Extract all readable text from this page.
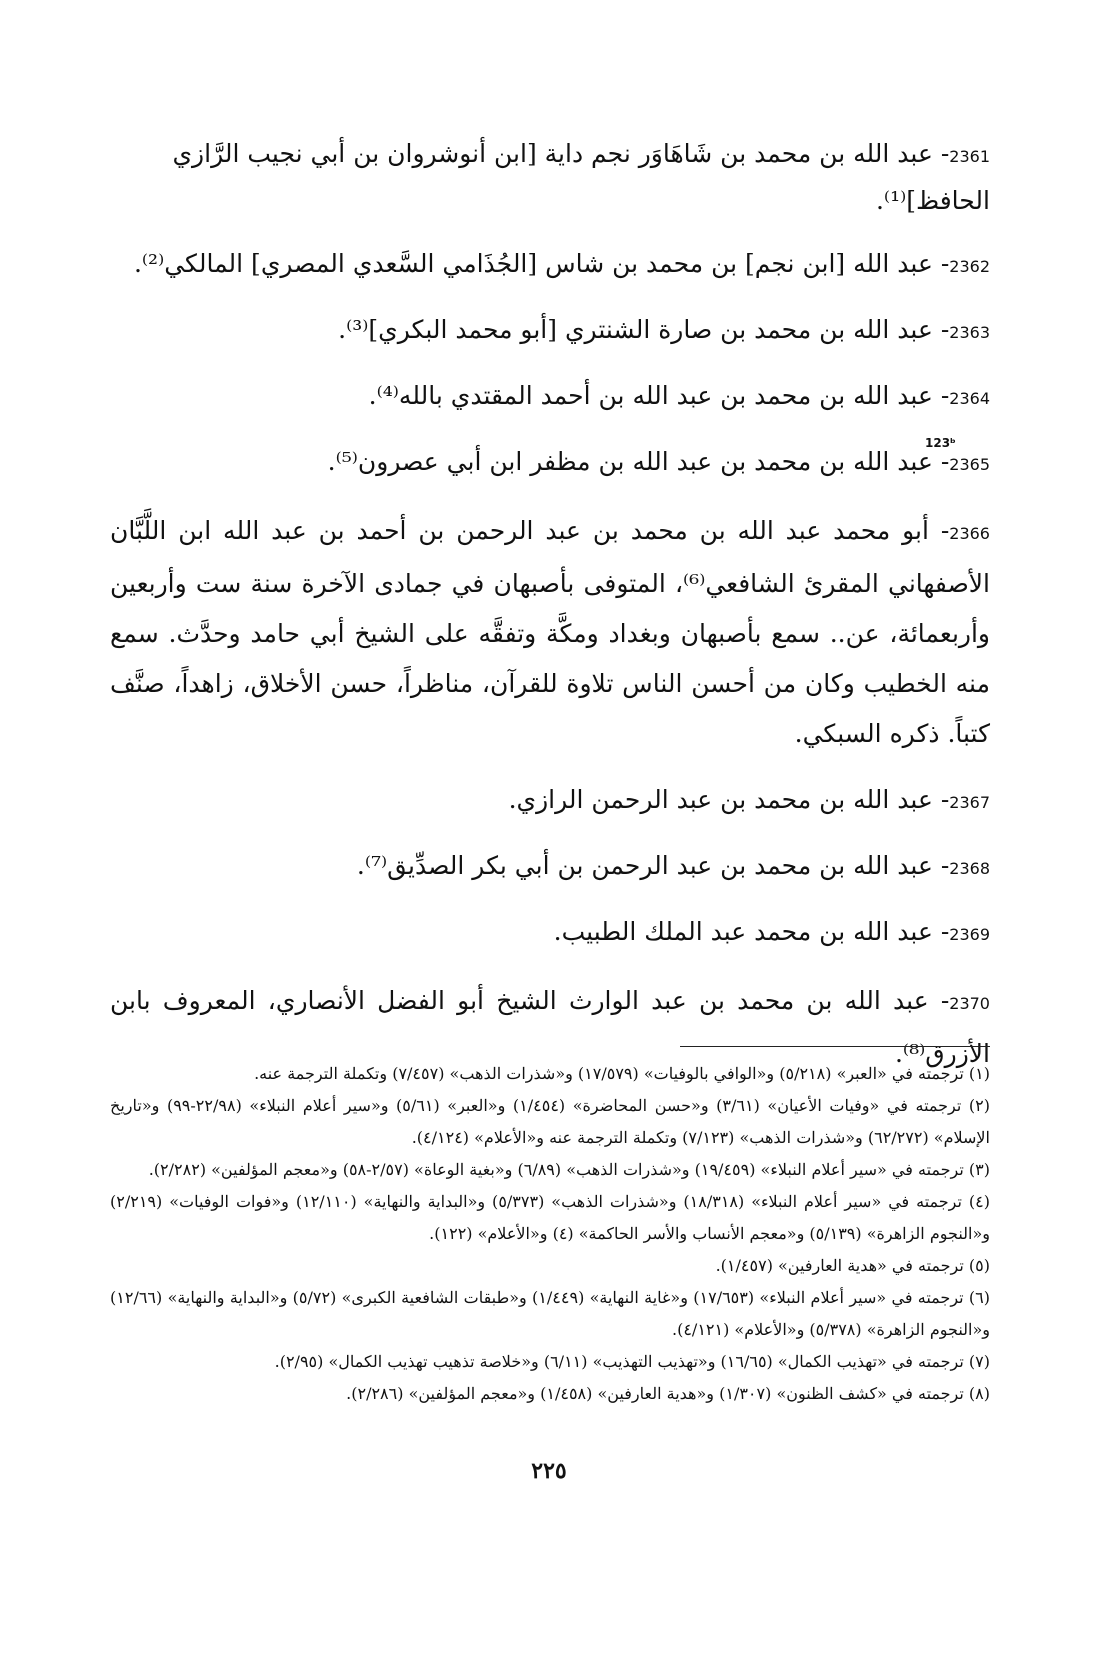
2361- عبد الله بن محمد بن شَاهَاوَر نجم داية [ابن أنوشروان بن أبي نجيب الرَّازي الحافظ]⁽¹⁾.
2362- عبد الله [ابن نجم] بن محمد بن شاس [الجُذَامي السَّعدي المصري] المالكي⁽²⁾.
2363- عبد الله بن محمد بن صارة الشنتري [أبو محمد البكري]⁽³⁾.
2364- عبد الله بن محمد بن عبد الله بن أحمد المقتدي بالله⁽⁴⁾.
2365- عبد الله بن محمد بن عبد الله بن مظفر ابن أبي عصرون⁽⁵⁾.
2366- أبو محمد عبد الله بن محمد بن عبد الرحمن بن أحمد بن عبد الله ابن اللَّبَّان الأصفهاني المقرئ الشافعي⁽⁶⁾، المتوفى بأصبهان في جمادى الآخرة سنة ست وأربعين وأربعمائة، عن.. سمع بأصبهان وبغداد ومكَّة وتفقَّه على الشيخ أبي حامد وحدَّث. سمع منه الخطيب وكان من أحسن الناس تلاوة للقرآن، مناظراً، حسن الأخلاق، زاهداً، صنَّف كتباً. ذكره السبكي.
2367- عبد الله بن محمد بن عبد الرحمن الرازي.
2368- عبد الله بن محمد بن عبد الرحمن بن أبي بكر الصدِّيق⁽⁷⁾.
2369- عبد الله بن محمد عبد الملك الطبيب.
2370- عبد الله بن محمد بن عبد الوارث الشيخ أبو الفضل الأنصاري، المعروف بابن الأزرق⁽⁸⁾.
123ᵇ
(١) ترجمته في «العبر» (٥/٢١٨) و«الوافي بالوفيات» (١٧/٥٧٩) و«شذرات الذهب» (٧/٤٥٧) وتكملة الترجمة عنه.
(٢) ترجمته في «وفيات الأعيان» (٣/٦١) و«حسن المحاضرة» (١/٤٥٤) و«العبر» (٥/٦١) و«سير أعلام النبلاء» (٢٢/٩٨-٩٩) و«تاريخ الإسلام» (٦٢/٢٧٢) و«شذرات الذهب» (٧/١٢٣) وتكملة الترجمة عنه و«الأعلام» (٤/١٢٤).
(٣) ترجمته في «سير أعلام النبلاء» (١٩/٤٥٩) و«شذرات الذهب» (٦/٨٩) و«بغية الوعاة» (٢/٥٧-٥٨) و«معجم المؤلفين» (٢/٢٨٢).
(٤) ترجمته في «سير أعلام النبلاء» (١٨/٣١٨) و«شذرات الذهب» (٥/٣٧٣) و«البداية والنهاية» (١٢/١١٠) و«فوات الوفيات» (٢/٢١٩) و«النجوم الزاهرة» (٥/١٣٩) و«معجم الأنساب والأسر الحاكمة» (٤) و«الأعلام» (١٢٢).
(٥) ترجمته في «هدية العارفين» (١/٤٥٧).
(٦) ترجمته في «سير أعلام النبلاء» (١٧/٦٥٣) و«غاية النهاية» (١/٤٤٩) و«طبقات الشافعية الكبرى» (٥/٧٢) و«البداية والنهاية» (١٢/٦٦) و«النجوم الزاهرة» (٥/٣٧٨) و«الأعلام» (٤/١٢١).
(٧) ترجمته في «تهذيب الكمال» (١٦/٦٥) و«تهذيب التهذيب» (٦/١١) و«خلاصة تذهيب تهذيب الكمال» (٢/٩٥).
(٨) ترجمته في «كشف الظنون» (١/٣٠٧) و«هدية العارفين» (١/٤٥٨) و«معجم المؤلفين» (٢/٢٨٦).
٢٢٥
